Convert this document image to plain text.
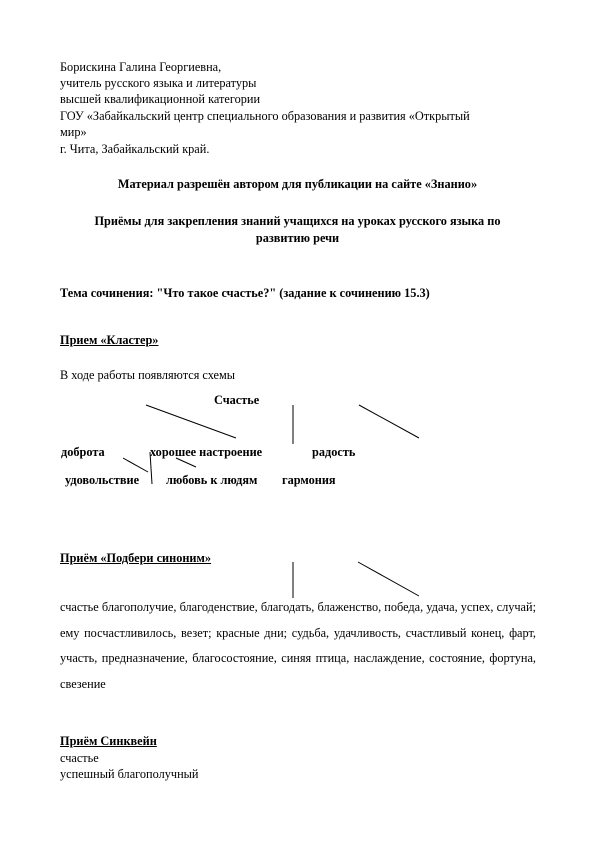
Борискина Галина Георгиевна,

учитель русского языка и литературы

высшей квалификационной категории

ГОУ «Забайкальский центр специального образования и развития «Открытый

мир»

г. Чита, Забайкальский край.

Материал разрешён автором для публикации на сайте «Знанио»

Приёмы для закрепления знаний учащихся на уроках русского языка по

развитию речи

Тема сочинения: "Что такое счастье?" (задание к сочинению 15.3)

Прием «Кластер»

В ходе работы появляются схемы

Счастье

доброта	хорошее настроение	радость

удовольствие любовь к людям гармония

Приём «Подбери синоним»

счастье благополучие, благоденствие, благодать, блаженство, победа, удача, успех, случай; ему посчастливилось, везет; красные дни; судьба, удачливость, счастливый конец, фарт, участь, предназначение, благосостояние, синяя птица, наслаждение, состояние, фортуна, свезение

Приём Синквейн

счастье

успешный благополучный
